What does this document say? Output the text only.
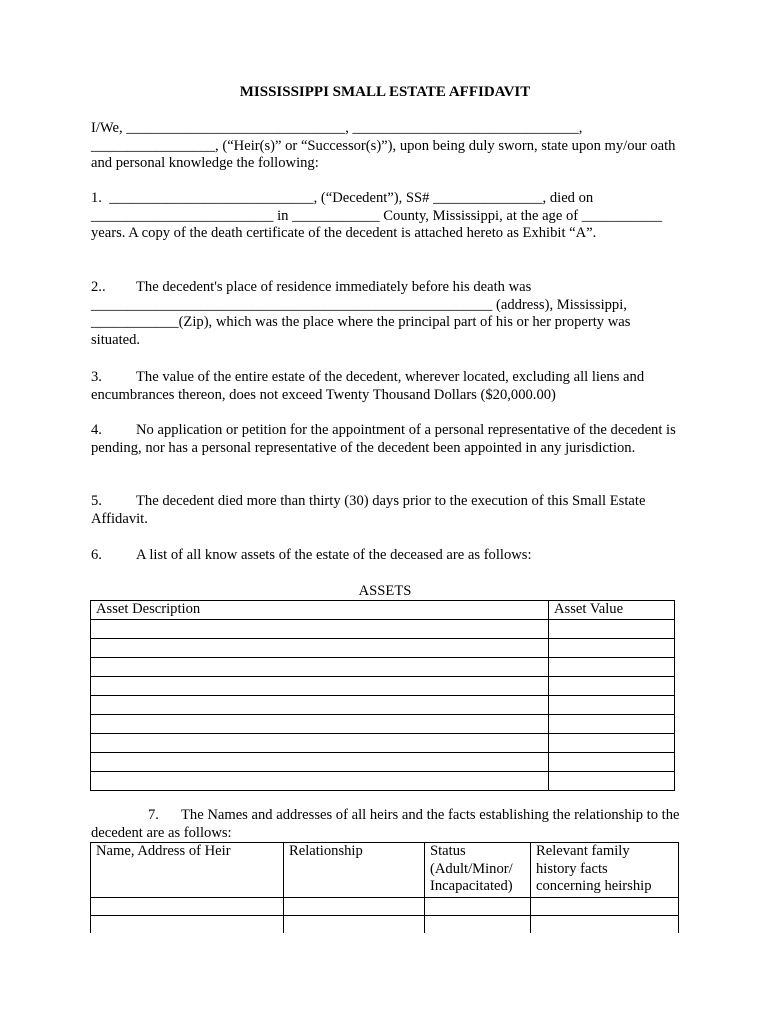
MISSISSIPPI SMALL ESTATE AFFIDAVIT

I/We, ______________________________, _______________________________, _________________, (“Heir(s)” or “Successor(s)”), upon being duly sworn, state upon my/our oath and personal knowledge the following:

1. ____________________________, (“Decedent”), SS# _______________, died on _________________________ in ____________ County, Mississippi, at the age of ___________ years. A copy of the death certificate of the decedent is attached hereto as Exhibit “A”.

2.. The decedent's place of residence immediately before his death was _______________________________________________________ (address), Mississippi, ____________(Zip), which was the place where the principal part of his or her property was situated.

3. The value of the entire estate of the decedent, wherever located, excluding all liens and encumbrances thereon, does not exceed Twenty Thousand Dollars ($20,000.00)

4. No application or petition for the appointment of a personal representative of the decedent is pending, nor has a personal representative of the decedent been appointed in any jurisdiction.

5. The decedent died more than thirty (30) days prior to the execution of this Small Estate Affidavit.

6. A list of all know assets of the estate of the deceased are as follows:

ASSETS
Asset Description	Asset Value

7. The Names and addresses of all heirs and the facts establishing the relationship to the decedent are as follows:

Name, Address of Heir	Relationship	Status (Adult/Minor/ Incapacitated)	Relevant family history facts concerning heirship
